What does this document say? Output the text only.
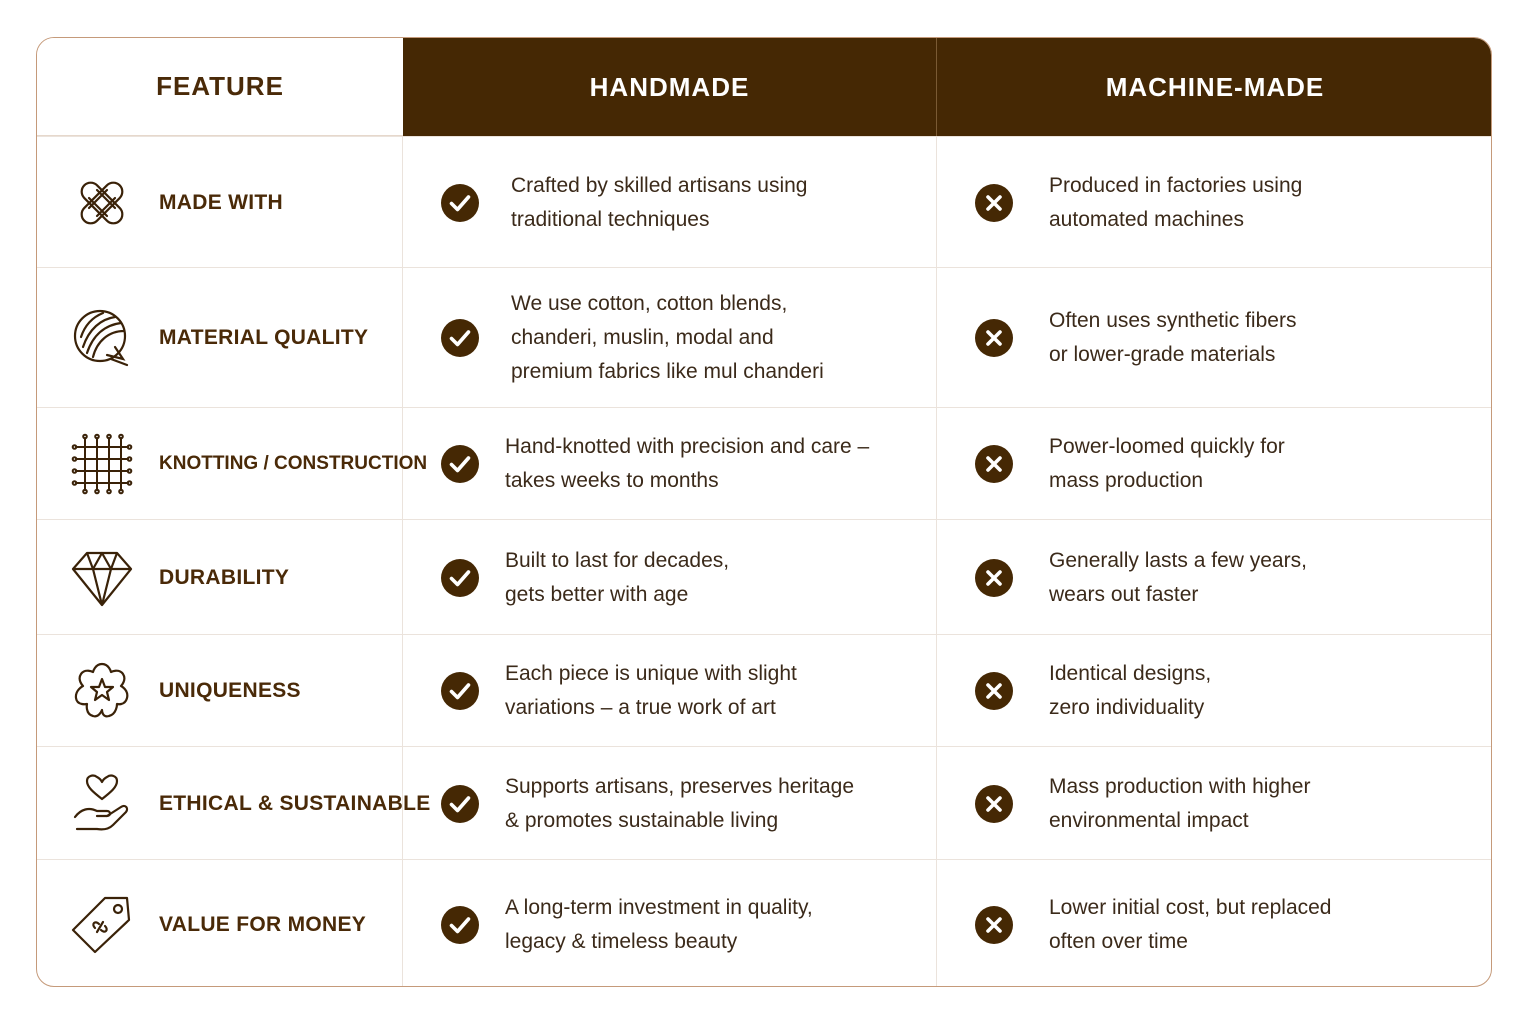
FEATURE	HANDMADE	MACHINE-MADE
MADE WITH
Crafted by skilled artisans using
traditional techniques
Produced in factories using
automated machines
MATERIAL QUALITY
We use cotton, cotton blends,
chanderi, muslin, modal and
premium fabrics like mul chanderi
Often uses synthetic fibers
or lower-grade materials
KNOTTING / CONSTRUCTION
Hand-knotted with precision and care –
takes weeks to months
Power-loomed quickly for
mass production
DURABILITY
Built to last for decades,
gets better with age
Generally lasts a few years,
wears out faster
UNIQUENESS
Each piece is unique with slight
variations – a true work of art
Identical designs,
zero individuality
ETHICAL & SUSTAINABLE
Supports artisans, preserves heritage
& promotes sustainable living
Mass production with higher
environmental impact
VALUE FOR MONEY
A long-term investment in quality,
legacy & timeless beauty
Lower initial cost, but replaced
often over time
